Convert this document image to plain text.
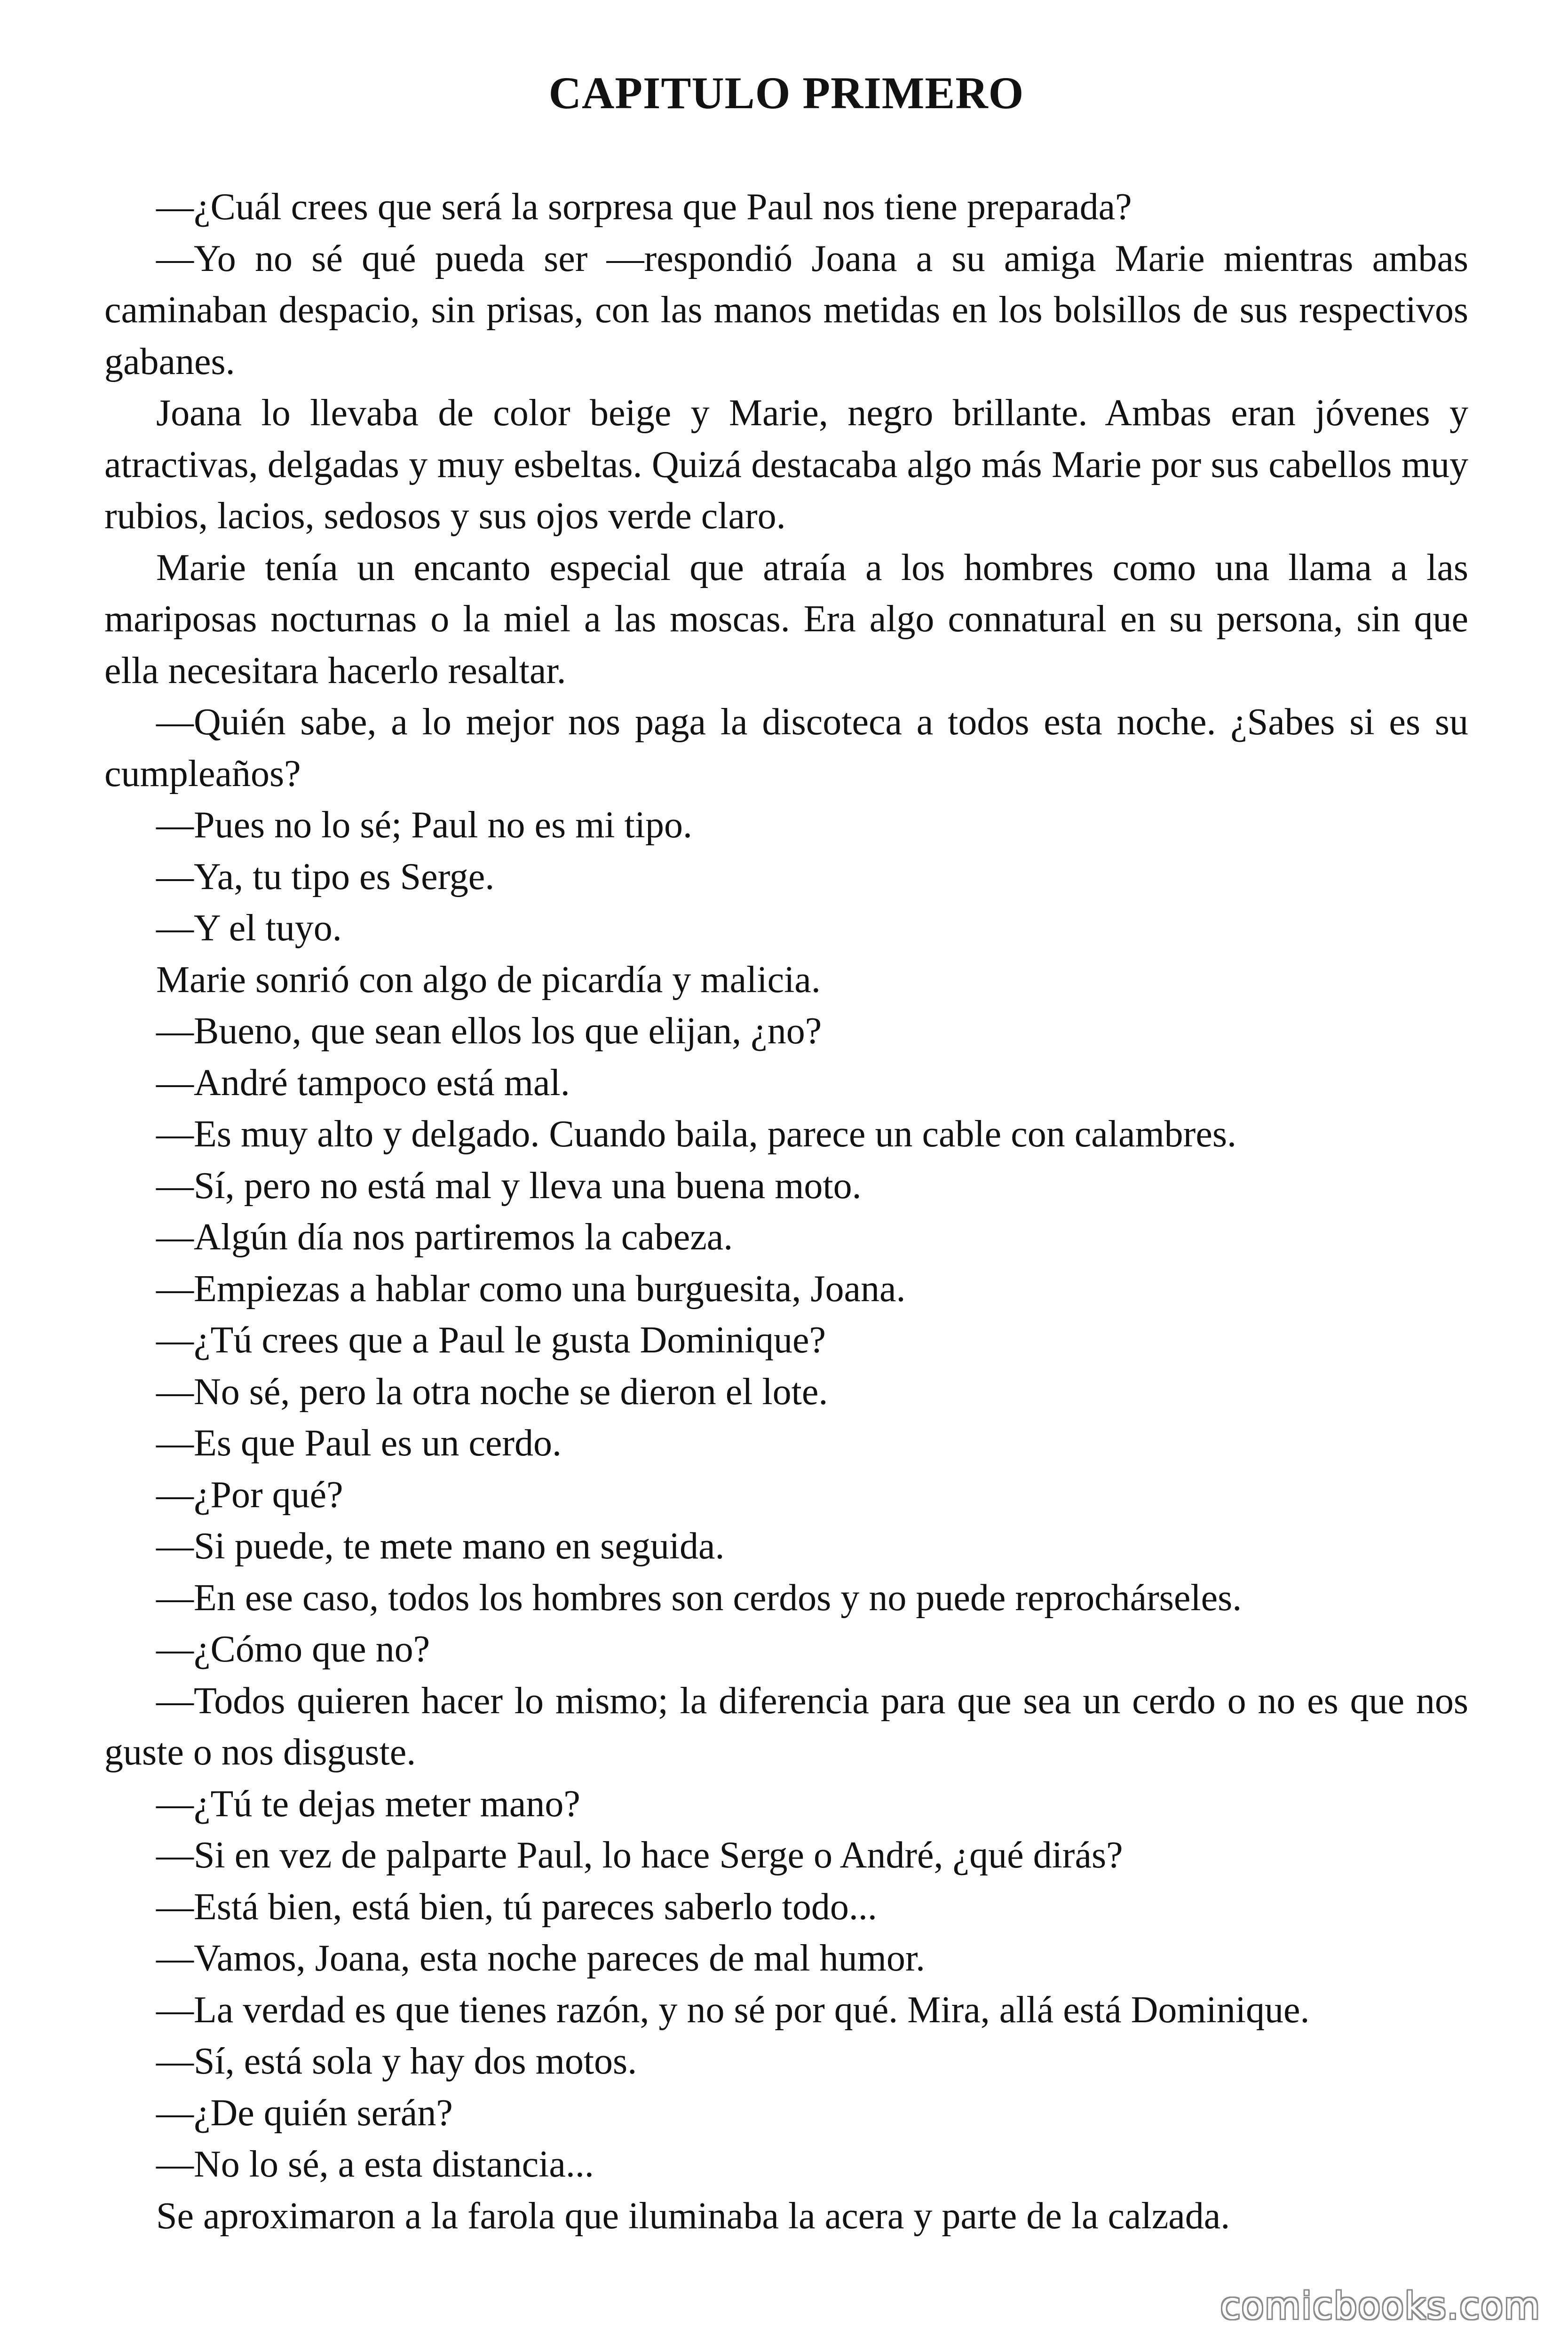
CAPITULO PRIMERO

—¿Cuál crees que será la sorpresa que Paul nos tiene preparada?

—Yo no sé qué pueda ser —respondió Joana a su amiga Marie mientras ambas caminaban despacio, sin prisas, con las manos metidas en los bolsillos de sus respectivos gabanes.

Joana lo llevaba de color beige y Marie, negro brillante. Ambas eran jóvenes y atractivas, delgadas y muy esbeltas. Quizá destacaba algo más Marie por sus cabellos muy rubios, lacios, sedosos y sus ojos verde claro.

Marie tenía un encanto especial que atraía a los hombres como una llama a las mariposas nocturnas o la miel a las moscas. Era algo connatural en su persona, sin que ella necesitara hacerlo resaltar.

—Quién sabe, a lo mejor nos paga la discoteca a todos esta noche. ¿Sabes si es su cumpleaños?

—Pues no lo sé; Paul no es mi tipo.

—Ya, tu tipo es Serge.

—Y el tuyo.

Marie sonrió con algo de picardía y malicia.

—Bueno, que sean ellos los que elijan, ¿no?

—André tampoco está mal.

—Es muy alto y delgado. Cuando baila, parece un cable con calambres.

—Sí, pero no está mal y lleva una buena moto.

—Algún día nos partiremos la cabeza.

—Empiezas a hablar como una burguesita, Joana.

—¿Tú crees que a Paul le gusta Dominique?

—No sé, pero la otra noche se dieron el lote.

—Es que Paul es un cerdo.

—¿Por qué?

—Si puede, te mete mano en seguida.

—En ese caso, todos los hombres son cerdos y no puede reprochárseles.

—¿Cómo que no?

—Todos quieren hacer lo mismo; la diferencia para que sea un cerdo o no es que nos guste o nos disguste.

—¿Tú te dejas meter mano?

—Si en vez de palparte Paul, lo hace Serge o André, ¿qué dirás?

—Está bien, está bien, tú pareces saberlo todo...

—Vamos, Joana, esta noche pareces de mal humor.

—La verdad es que tienes razón, y no sé por qué. Mira, allá está Dominique.

—Sí, está sola y hay dos motos.

—¿De quién serán?

—No lo sé, a esta distancia...

Se aproximaron a la farola que iluminaba la acera y parte de la calzada.

comicbooks.com
